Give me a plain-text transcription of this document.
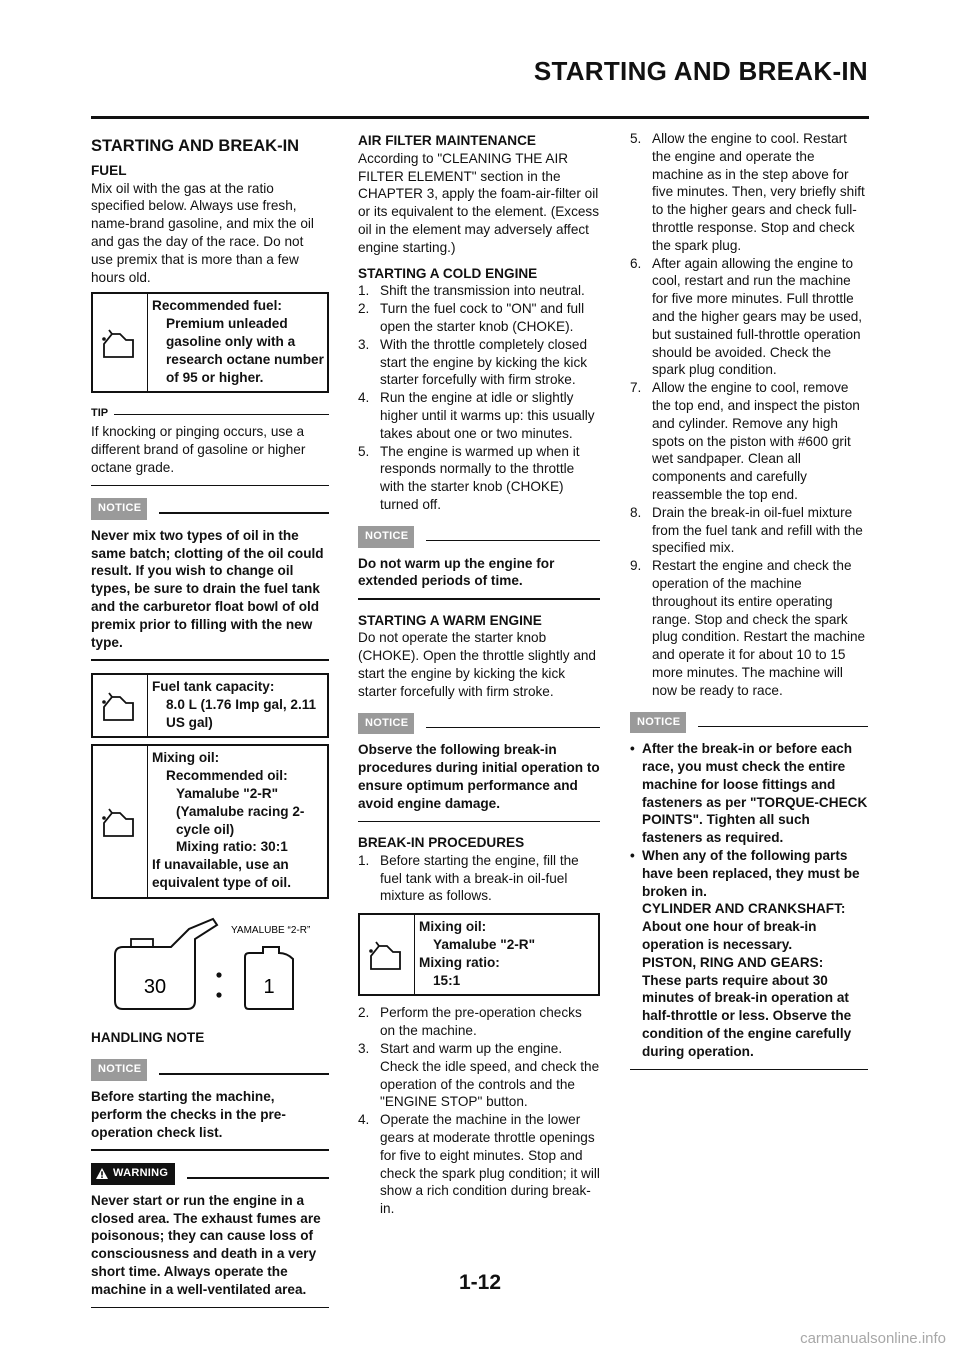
STARTING AND BREAK-IN
STARTING AND BREAK-IN
FUEL

Mix oil with the gas at the ratio specified below. Always use fresh, name-brand gasoline, and mix the oil and gas the day of the race. Do not use premix that is more than a few hours old.

Recommended fuel:
Premium unleaded gasoline only with a research octane number of 95 or higher.
TIP

If knocking or pinging occurs, use a different brand of gasoline or higher octane grade.

NOTICE

Never mix two types of oil in the same batch; clotting of the oil could result. If you wish to change oil types, be sure to drain the fuel tank and the carburetor float bowl of old premix prior to filling with the new type.

Fuel tank capacity:
8.0 L (1.76 Imp gal, 2.11 US gal)
Mixing oil:
Recommended oil:
Yamalube "2-R" (Yamalube racing 2-cycle oil)
Mixing ratio: 30:1
If unavailable, use an equivalent type of oil.
30	1
YAMALUBE “2-R”
HANDLING NOTE
NOTICE

Before starting the machine, perform the checks in the pre-operation check list.

WARNING

Never start or run the engine in a closed area. The exhaust fumes are poisonous; they can cause loss of consciousness and death in a very short time. Always operate the machine in a well-ventilated area.

AIR FILTER MAINTENANCE

According to "CLEANING THE AIR FILTER ELEMENT" section in the CHAPTER 3, apply the foam-air-filter oil or its equivalent to the element. (Excess oil in the element may adversely affect engine starting.)

STARTING A COLD ENGINE
1. Shift the transmission into neutral.
2. Turn the fuel cock to "ON" and full open the starter knob (CHOKE).
3. With the throttle completely closed start the engine by kicking the kick starter forcefully with firm stroke.
4. Run the engine at idle or slightly higher until it warms up: this usually takes about one or two minutes.
5. The engine is warmed up when it responds normally to the throttle with the starter knob (CHOKE) turned off.
NOTICE

Do not warm up the engine for extended periods of time.

STARTING A WARM ENGINE

Do not operate the starter knob (CHOKE). Open the throttle slightly and start the engine by kicking the kick starter forcefully with firm stroke.

NOTICE

Observe the following break-in procedures during initial operation to ensure optimum performance and avoid engine damage.

BREAK-IN PROCEDURES
1. Before starting the engine, fill the fuel tank with a break-in oil-fuel mixture as follows.
Mixing oil:
Yamalube "2-R"
Mixing ratio:
15:1
2. Perform the pre-operation checks on the machine.
3. Start and warm up the engine. Check the idle speed, and check the operation of the controls and the "ENGINE STOP" button.
4. Operate the machine in the lower gears at moderate throttle openings for five to eight minutes. Stop and check the spark plug condition; it will show a rich condition during break-in.
5. Allow the engine to cool. Restart the engine and operate the machine as in the step above for five minutes. Then, very briefly shift to the higher gears and check full-throttle response. Stop and check the spark plug.
6. After again allowing the engine to cool, restart and run the machine for five more minutes. Full throttle and the higher gears may be used, but sustained full-throttle operation should be avoided. Check the spark plug condition.
7. Allow the engine to cool, remove the top end, and inspect the piston and cylinder. Remove any high spots on the piston with #600 grit wet sandpaper. Clean all components and carefully reassemble the top end.
8. Drain the break-in oil-fuel mixture from the fuel tank and refill with the specified mix.
9. Restart the engine and check the operation of the machine throughout its entire operating range. Stop and check the spark plug condition. Restart the machine and operate it for about 10 to 15 more minutes. The machine will now be ready to race.
NOTICE
• After the break-in or before each race, you must check the entire machine for loose fittings and fasteners as per "TORQUE-CHECK POINTS". Tighten all such fasteners as required.
• When any of the following parts have been replaced, they must be broken in.
CYLINDER AND CRANKSHAFT:
About one hour of break-in operation is necessary.
PISTON, RING AND GEARS:
These parts require about 30 minutes of break-in operation at half-throttle or less. Observe the condition of the engine carefully during operation.
1-12
carmanualsonline.info
